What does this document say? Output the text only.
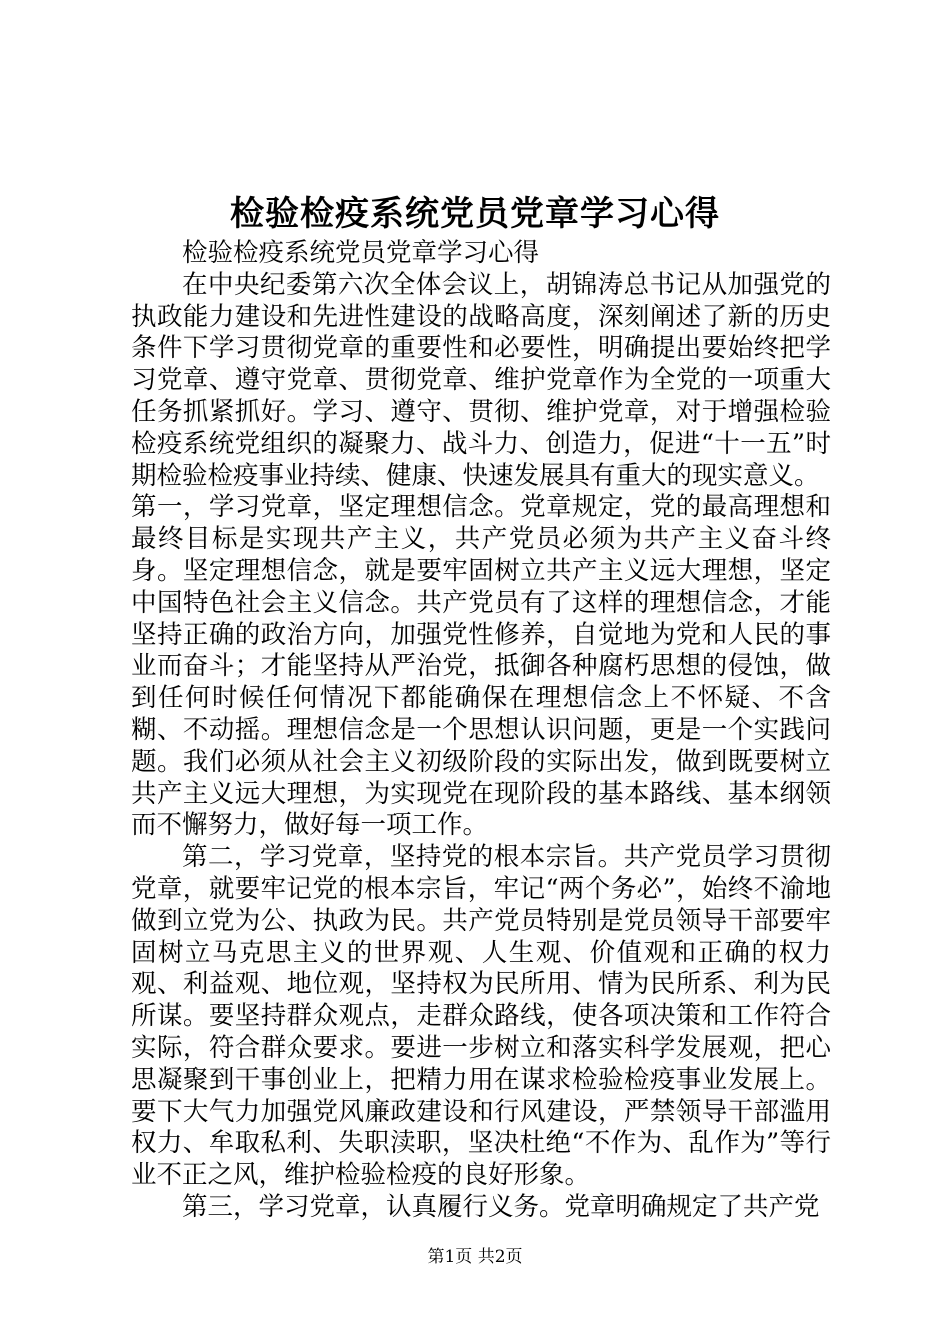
检验检疫系统党员党章学习心得

检验检疫系统党员党章学习心得

在中央纪委第六次全体会议上，胡锦涛总书记从加强党的执政能力建设和先进性建设的战略高度，深刻阐述了新的历史条件下学习贯彻党章的重要性和必要性，明确提出要始终把学习党章、遵守党章、贯彻党章、维护党章作为全党的一项重大任务抓紧抓好。学习、遵守、贯彻、维护党章，对于增强检验检疫系统党组织的凝聚力、战斗力、创造力，促进“十一五”时期检验检疫事业持续、健康、快速发展具有重大的现实意义。

第一，学习党章，坚定理想信念。党章规定，党的最高理想和最终目标是实现共产主义，共产党员必须为共产主义奋斗终身。坚定理想信念，就是要牢固树立共产主义远大理想，坚定中国特色社会主义信念。共产党员有了这样的理想信念，才能坚持正确的政治方向，加强党性修养，自觉地为党和人民的事业而奋斗；才能坚持从严治党，抵御各种腐朽思想的侵蚀，做到任何时候任何情况下都能确保在理想信念上不怀疑、不含糊、不动摇。理想信念是一个思想认识问题，更是一个实践问题。我们必须从社会主义初级阶段的实际出发，做到既要树立共产主义远大理想，为实现党在现阶段的基本路线、基本纲领而不懈努力，做好每一项工作。

第二，学习党章，坚持党的根本宗旨。共产党员学习贯彻党章，就要牢记党的根本宗旨，牢记“两个务必”，始终不渝地做到立党为公、执政为民。共产党员特别是党员领导干部要牢固树立马克思主义的世界观、人生观、价值观和正确的权力观、利益观、地位观，坚持权为民所用、情为民所系、利为民所谋。要坚持群众观点，走群众路线，使各项决策和工作符合实际，符合群众要求。要进一步树立和落实科学发展观，把心思凝聚到干事创业上，把精力用在谋求检验检疫事业发展上。要下大气力加强党风廉政建设和行风建设，严禁领导干部滥用权力、牟取私利、失职渎职，坚决杜绝“不作为、乱作为”等行业不正之风，维护检验检疫的良好形象。

第三，学习党章，认真履行义务。党章明确规定了共产党

第1页 共2页
